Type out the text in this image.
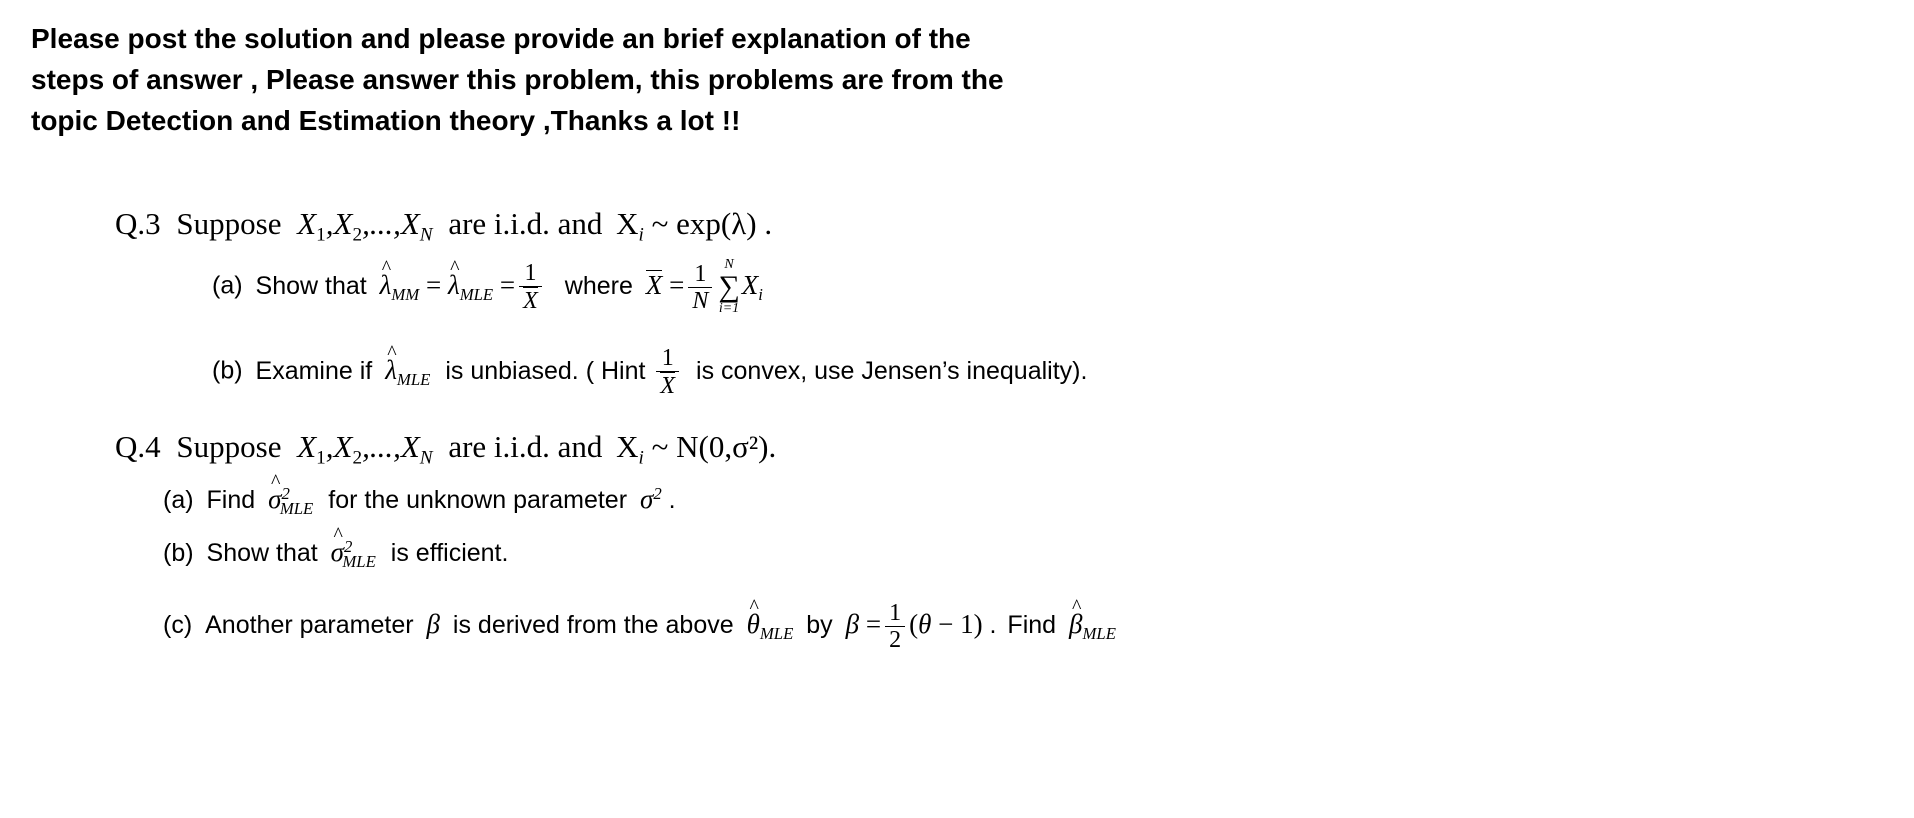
Please post the solution and please provide an brief explanation of the
steps of answer , Please answer this problem, this problems are from the
topic Detection and Estimation theory ,Thanks a lot !!
Q.3 Suppose $X_1,X_2,...,X_N$ are i.i.d. and $X_i$ ~ exp(λ) .
(a) Show that ^ $\lambda_{MM}$ = ^ $\lambda_{MLE} = \frac{1}{X}$ where $X = \frac{1}{N}$ N
∑
i=1
$X_i$
(b) Examine if ^ $\lambda_{MLE}$ is unbiased. ( Hint $\frac{1}{X}$ is convex, use Jensen’s inequality).
Q.4 Suppose $X_1,X_2,...,X_N$ are i.i.d. and $X_i$ ~ N(0,σ²).
(a) Find ^ $\sigma^2_{MLE}$ for the unknown parameter $\sigma^2$ .
(b) Show that ^ $\sigma^2_{MLE}$ is efficient.
(c) Another parameter β is derived from the above ^ $\theta_{MLE}$ by $\beta = \frac{1}{2} (\theta - 1)$ . Find ^ $\beta_{MLE}$
